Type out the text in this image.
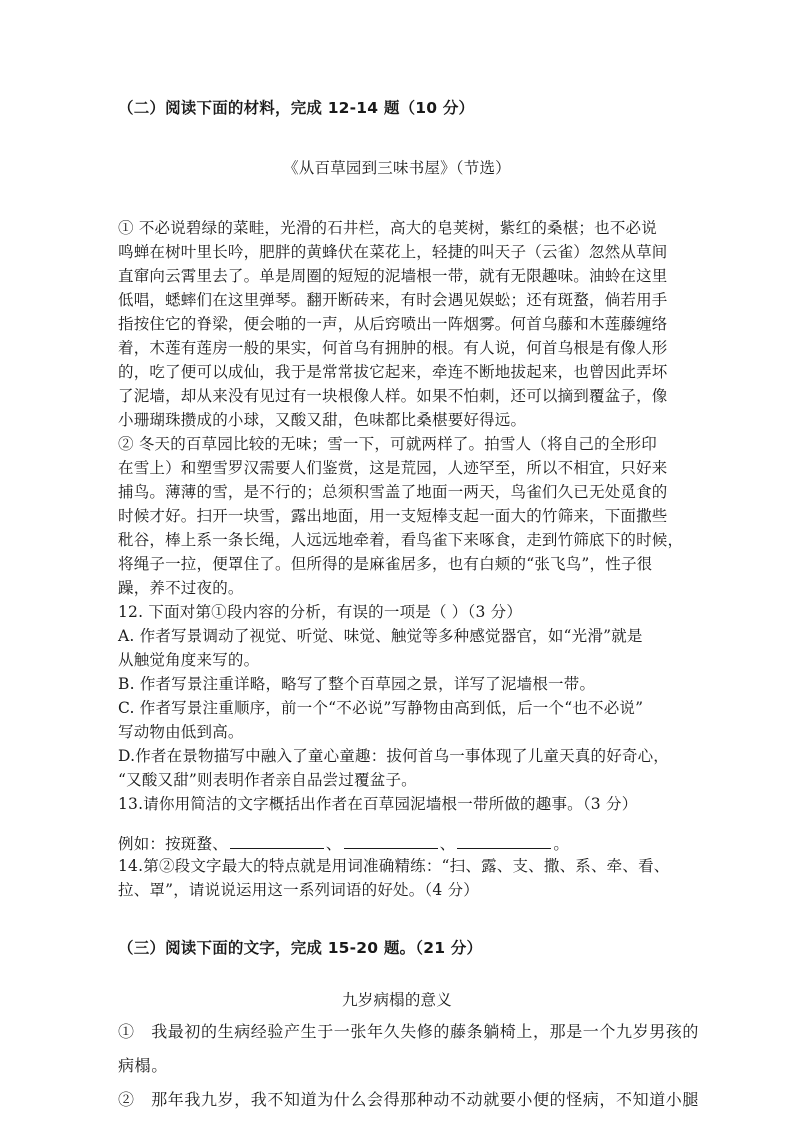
（二）阅读下面的材料，完成 12-14 题（10 分）
《从百草园到三味书屋》（节选）
① 不必说碧绿的菜畦，光滑的石井栏，高大的皂荚树，紫红的桑椹；也不必说
鸣蝉在树叶里长吟，肥胖的黄蜂伏在菜花上，轻捷的叫天子（云雀）忽然从草间
直窜向云霄里去了。单是周圈的短短的泥墙根一带，就有无限趣味。油蛉在这里
低唱，蟋蟀们在这里弹琴。翻开断砖来，有时会遇见娱蚣；还有斑蝥，倘若用手
指按住它的脊梁，便会啪的一声，从后窍喷出一阵烟雾。何首乌藤和木莲藤缠络
着，木莲有莲房一般的果实，何首乌有拥肿的根。有人说，何首乌根是有像人形
的，吃了便可以成仙，我于是常常拔它起来，牵连不断地拔起来，也曾因此弄坏
了泥墙，却从来没有见过有一块根像人样。如果不怕刺，还可以摘到覆盆子，像
小珊瑚珠攒成的小球，又酸又甜，色味都比桑椹要好得远。
② 冬天的百草园比较的无味；雪一下，可就两样了。拍雪人（将自己的全形印
在雪上）和塑雪罗汉需要人们鉴赏，这是荒园，人迹罕至，所以不相宜，只好来
捕鸟。薄薄的雪，是不行的；总须积雪盖了地面一两天，鸟雀们久已无处觅食的
时候才好。扫开一块雪，露出地面，用一支短棒支起一面大的竹筛来，下面撒些
秕谷，棒上系一条长绳，人远远地牵着，看鸟雀下来啄食，走到竹筛底下的时候，
将绳子一拉，便罩住了。但所得的是麻雀居多，也有白颊的“张飞鸟”，性子很
躁，养不过夜的。
12. 下面对第①段内容的分析，有误的一项是（ ）（3 分）
A. 作者写景调动了视觉、听觉、味觉、触觉等多种感觉器官，如“光滑”就是
从触觉角度来写的。
B. 作者写景注重详略，略写了整个百草园之景，详写了泥墙根一带。
C. 作者写景注重顺序，前一个“不必说”写静物由高到低，后一个“也不必说”
写动物由低到高。
D.作者在景物描写中融入了童心童趣：拔何首乌一事体现了儿童天真的好奇心，
“又酸又甜”则表明作者亲自品尝过覆盆子。
13.请你用简洁的文字概括出作者在百草园泥墙根一带所做的趣事。（3 分）
例如：按斑蝥、	、	、	。
14.第②段文字最大的特点就是用词准确精练：“扫、露、支、撒、系、牵、看、
拉、罩”，请说说运用这一系列词语的好处。（4 分）
（三）阅读下面的文字，完成 15-20 题。（21 分）
九岁病榻的意义
①　我最初的生病经验产生于一张年久失修的藤条躺椅上，那是一个九岁男孩的
病榻。
②　那年我九岁，我不知道为什么会得那种动不动就要小便的怪病，不知道小腿
